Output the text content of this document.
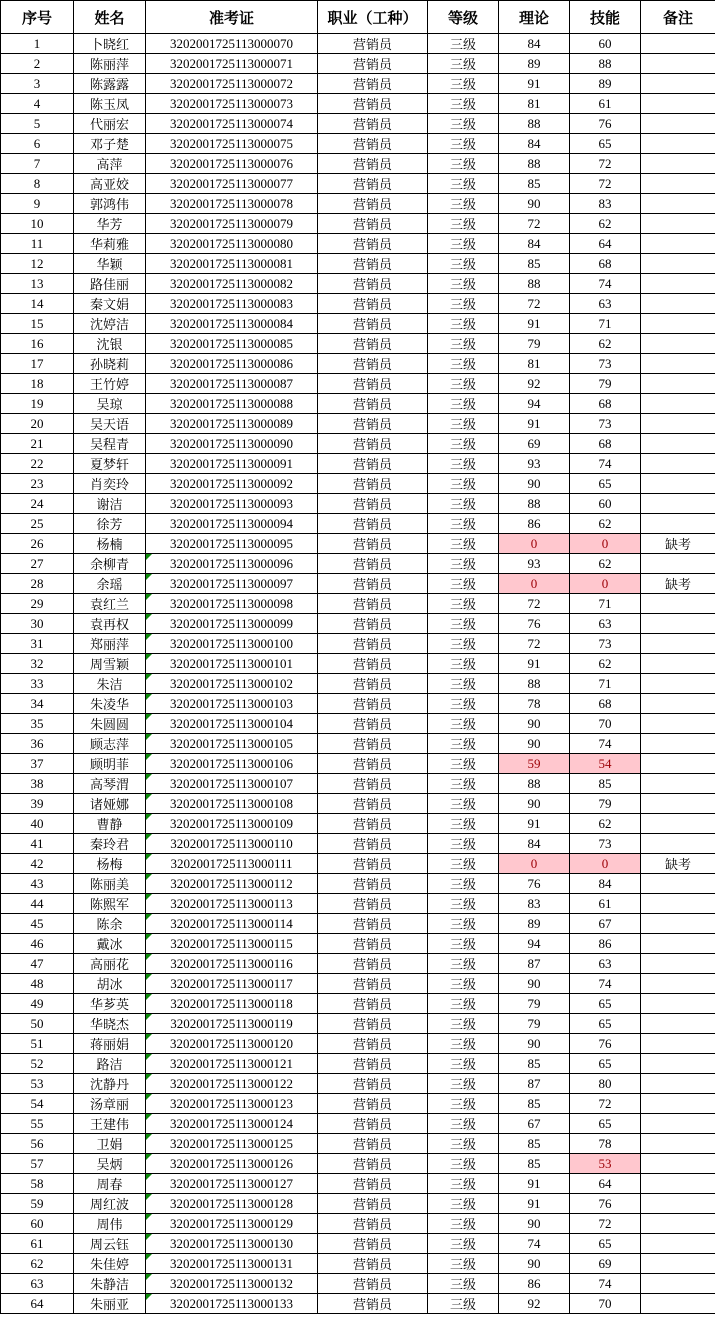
序号	姓名	准考证	职业（工种）	等级	理论	技能	备注
1	卜晓红	3202001725113000070	营销员	三级	84	60	
2	陈丽萍	3202001725113000071	营销员	三级	89	88	
3	陈露露	3202001725113000072	营销员	三级	91	89	
4	陈玉凤	3202001725113000073	营销员	三级	81	61	
5	代丽宏	3202001725113000074	营销员	三级	88	76	
6	邓子楚	3202001725113000075	营销员	三级	84	65	
7	高萍	3202001725113000076	营销员	三级	88	72	
8	高亚姣	3202001725113000077	营销员	三级	85	72	
9	郭鸿伟	3202001725113000078	营销员	三级	90	83	
10	华芳	3202001725113000079	营销员	三级	72	62	
11	华莉雅	3202001725113000080	营销员	三级	84	64	
12	华颖	3202001725113000081	营销员	三级	85	68	
13	路佳丽	3202001725113000082	营销员	三级	88	74	
14	秦文娟	3202001725113000083	营销员	三级	72	63	
15	沈婷洁	3202001725113000084	营销员	三级	91	71	
16	沈银	3202001725113000085	营销员	三级	79	62	
17	孙晓莉	3202001725113000086	营销员	三级	81	73	
18	王竹婷	3202001725113000087	营销员	三级	92	79	
19	吴琼	3202001725113000088	营销员	三级	94	68	
20	吴天语	3202001725113000089	营销员	三级	91	73	
21	吴程青	3202001725113000090	营销员	三级	69	68	
22	夏梦轩	3202001725113000091	营销员	三级	93	74	
23	肖奕玲	3202001725113000092	营销员	三级	90	65	
24	谢洁	3202001725113000093	营销员	三级	88	60	
25	徐芳	3202001725113000094	营销员	三级	86	62	
26	杨楠	3202001725113000095	营销员	三级	0	0	缺考
27	余柳青	3202001725113000096	营销员	三级	93	62	
28	余瑶	3202001725113000097	营销员	三级	0	0	缺考
29	袁红兰	3202001725113000098	营销员	三级	72	71	
30	袁再权	3202001725113000099	营销员	三级	76	63	
31	郑丽萍	3202001725113000100	营销员	三级	72	73	
32	周雪颖	3202001725113000101	营销员	三级	91	62	
33	朱洁	3202001725113000102	营销员	三级	88	71	
34	朱凌华	3202001725113000103	营销员	三级	78	68	
35	朱圆圆	3202001725113000104	营销员	三级	90	70	
36	顾志萍	3202001725113000105	营销员	三级	90	74	
37	顾明菲	3202001725113000106	营销员	三级	59	54	
38	高琴渭	3202001725113000107	营销员	三级	88	85	
39	诸娅娜	3202001725113000108	营销员	三级	90	79	
40	曹静	3202001725113000109	营销员	三级	91	62	
41	秦玲君	3202001725113000110	营销员	三级	84	73	
42	杨梅	3202001725113000111	营销员	三级	0	0	缺考
43	陈丽美	3202001725113000112	营销员	三级	76	84	
44	陈熙军	3202001725113000113	营销员	三级	83	61	
45	陈余	3202001725113000114	营销员	三级	89	67	
46	戴冰	3202001725113000115	营销员	三级	94	86	
47	高丽花	3202001725113000116	营销员	三级	87	63	
48	胡冰	3202001725113000117	营销员	三级	90	74	
49	华芗英	3202001725113000118	营销员	三级	79	65	
50	华晓杰	3202001725113000119	营销员	三级	79	65	
51	蒋丽娟	3202001725113000120	营销员	三级	90	76	
52	路洁	3202001725113000121	营销员	三级	85	65	
53	沈静丹	3202001725113000122	营销员	三级	87	80	
54	汤章丽	3202001725113000123	营销员	三级	85	72	
55	王建伟	3202001725113000124	营销员	三级	67	65	
56	卫娟	3202001725113000125	营销员	三级	85	78	
57	吴炳	3202001725113000126	营销员	三级	85	53	
58	周春	3202001725113000127	营销员	三级	91	64	
59	周红波	3202001725113000128	营销员	三级	91	76	
60	周伟	3202001725113000129	营销员	三级	90	72	
61	周云钰	3202001725113000130	营销员	三级	74	65	
62	朱佳婷	3202001725113000131	营销员	三级	90	69	
63	朱静洁	3202001725113000132	营销员	三级	86	74	
64	朱丽亚	3202001725113000133	营销员	三级	92	70	
